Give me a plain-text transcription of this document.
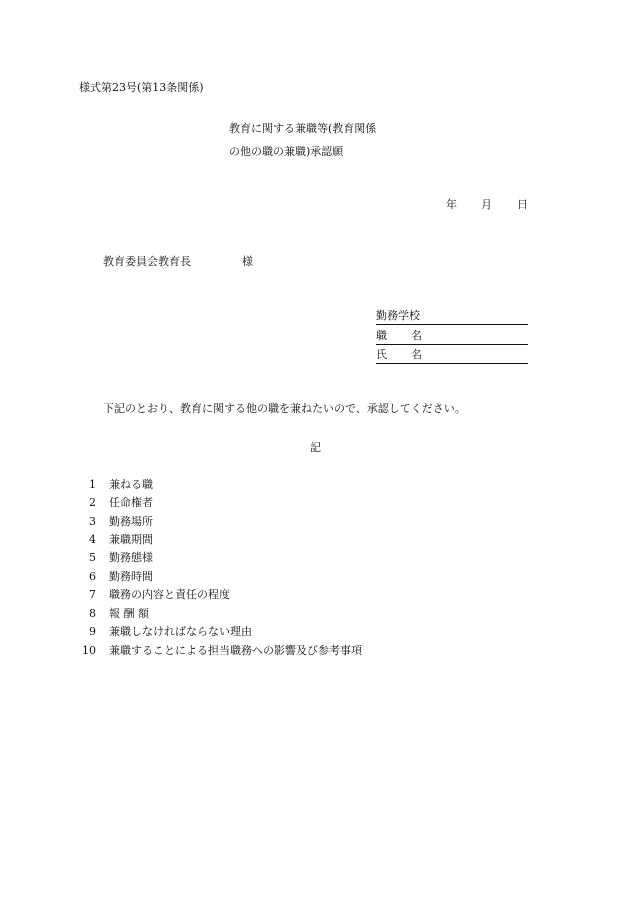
様式第23号(第13条関係)
教育に関する兼職等(教育関係
の他の職の兼職)承認願
年 月 日
教育委員会教育長	様
勤務学校
職 名
氏 名
下記のとおり、教育に関する他の職を兼ねたいので、承認してください。
記
1 兼ねる職
2 任命権者
3 勤務場所
4 兼職期間
5 勤務態様
6 勤務時間
7 職務の内容と責任の程度
8 報 酬 額
9 兼職しなければならない理由
10 兼職することによる担当職務への影響及び参考事項
